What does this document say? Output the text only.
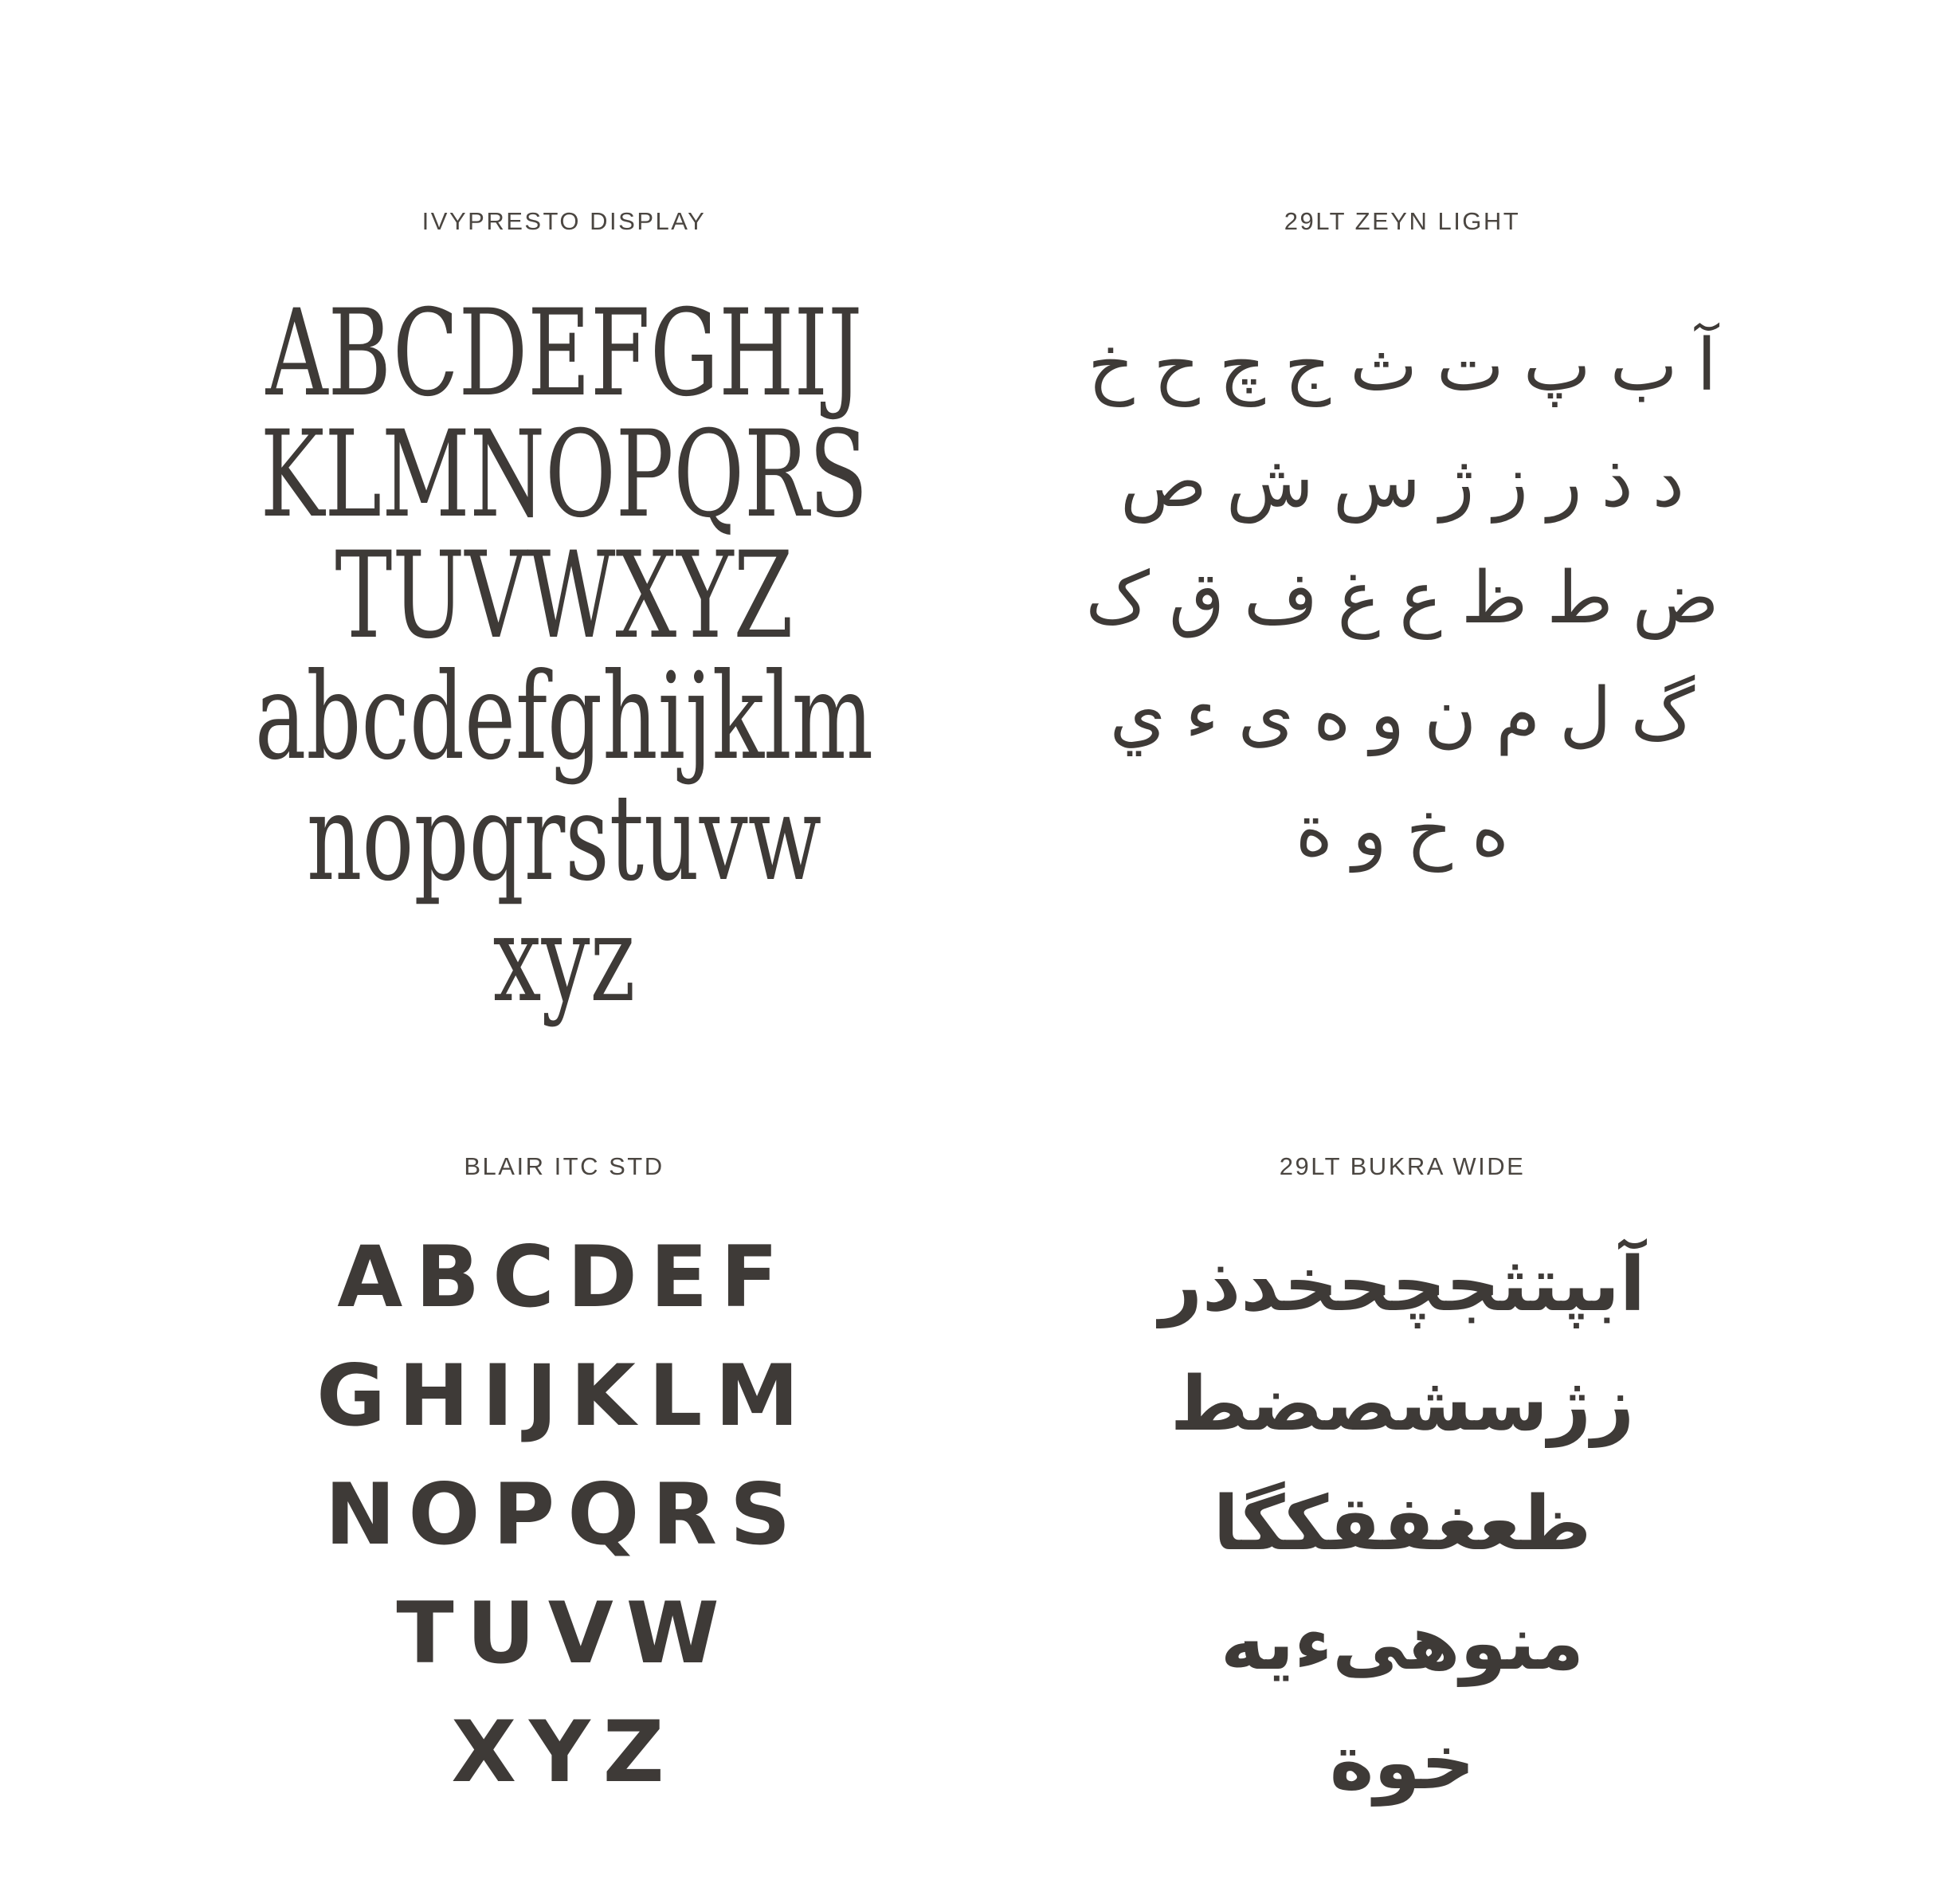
IVYPRESTO DISPLAY
ABCDEFGHIJ
KLMNOPQRS
TUVWXYZ
abcdefghijklm
nopqrstuvw
xyz
29LT ZEYN LIGHT
آ ب پ ت ث ج چ ح خ
د ذ ر ز ژ س ش ص
ض ط ظ ع غ ف ق ک
گ ل م ن و ه ی ء ي
ه خ و ة
BLAIR ITC STD
ABCDEF
GHIJKLM
NOPQRS
TUVW
XYZ
29LT BUKRA WIDE
آبپتثجچحخدذر
زژسشصضط
ظعغفقكگا
منوهىءيه
خوة
